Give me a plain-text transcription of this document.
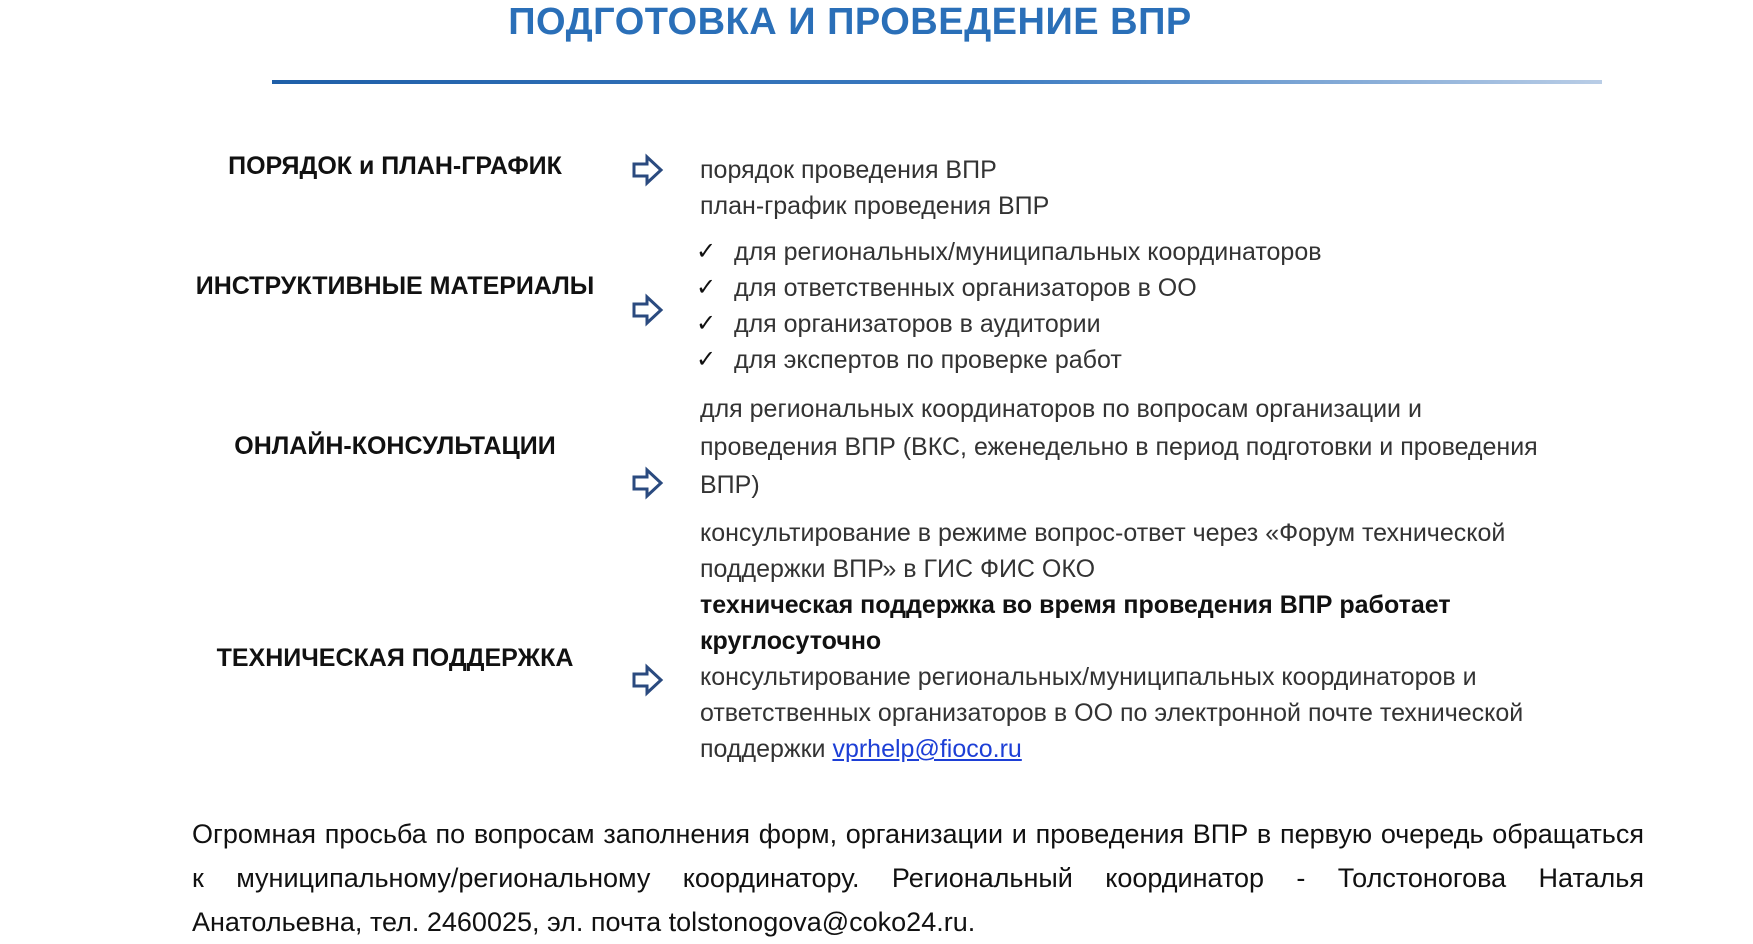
ПОДГОТОВКА И ПРОВЕДЕНИЕ ВПР
ПОРЯДОК и ПЛАН-ГРАФИК	порядок проведения ВПР
план-график проведения ВПР
ИНСТРУКТИВНЫЕ МАТЕРИАЛЫ
✓ для региональных/муниципальных координаторов
✓ для ответственных организаторов в ОО
✓ для организаторов в аудитории
✓ для экспертов по проверке работ
ОНЛАЙН-КОНСУЛЬТАЦИИ
для региональных координаторов по вопросам организации и
проведения ВПР (ВКС, еженедельно в период подготовки и проведения
ВПР)
ТЕХНИЧЕСКАЯ ПОДДЕРЖКА
консультирование в режиме вопрос-ответ через «Форум технической
поддержки ВПР» в ГИС ФИС ОКО
техническая поддержка во время проведения ВПР работает
круглосуточно
консультирование региональных/муниципальных координаторов и
ответственных организаторов в ОО по электронной почте технической
поддержки vprhelp@fioco.ru
Огромная просьба по вопросам заполнения форм, организации и проведения ВПР в первую очередь обращаться к муниципальному/региональному координатору. Региональный координатор - Толстоногова Наталья Анатольевна, тел. 2460025, эл. почта tolstonogova@coko24.ru.
